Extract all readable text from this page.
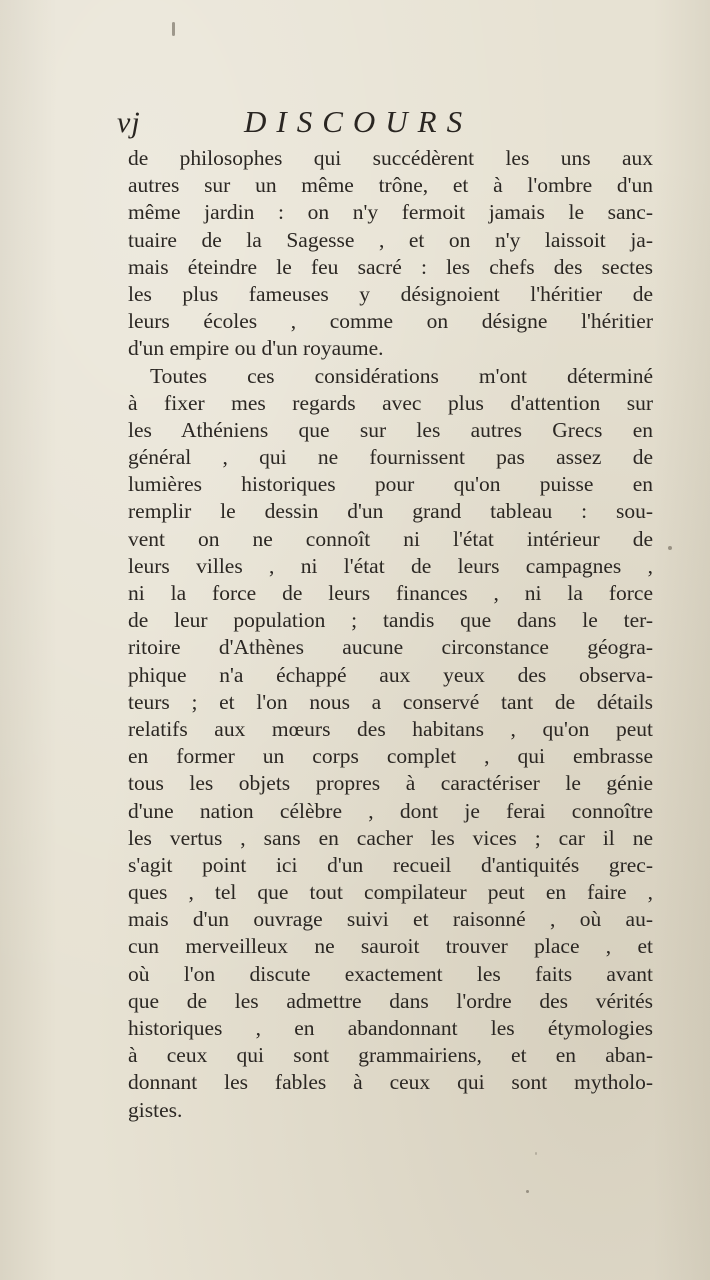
vj	DISCOURS
de philosophes qui succédèrent les uns aux
autres sur un même trône, et à l'ombre d'un
même jardin : on n'y fermoit jamais le sanc-
tuaire de la Sagesse , et on n'y laissoit ja-
mais éteindre le feu sacré : les chefs des sectes
les plus fameuses y désignoient l'héritier de
leurs écoles , comme on désigne l'héritier
d'un empire ou d'un royaume.
Toutes ces considérations m'ont déterminé
à fixer mes regards avec plus d'attention sur
les Athéniens que sur les autres Grecs en
général , qui ne fournissent pas assez de
lumières historiques pour qu'on puisse en
remplir le dessin d'un grand tableau : sou-
vent on ne connoît ni l'état intérieur de
leurs villes , ni l'état de leurs campagnes ,
ni la force de leurs finances , ni la force
de leur population ; tandis que dans le ter-
ritoire d'Athènes aucune circonstance géogra-
phique n'a échappé aux yeux des observa-
teurs ; et l'on nous a conservé tant de détails
relatifs aux mœurs des habitans , qu'on peut
en former un corps complet , qui embrasse
tous les objets propres à caractériser le génie
d'une nation célèbre , dont je ferai connoître
les vertus , sans en cacher les vices ; car il ne
s'agit point ici d'un recueil d'antiquités grec-
ques , tel que tout compilateur peut en faire ,
mais d'un ouvrage suivi et raisonné , où au-
cun merveilleux ne sauroit trouver place , et
où l'on discute exactement les faits avant
que de les admettre dans l'ordre des vérités
historiques , en abandonnant les étymologies
à ceux qui sont grammairiens, et en aban-
donnant les fables à ceux qui sont mytholo-
gistes.
